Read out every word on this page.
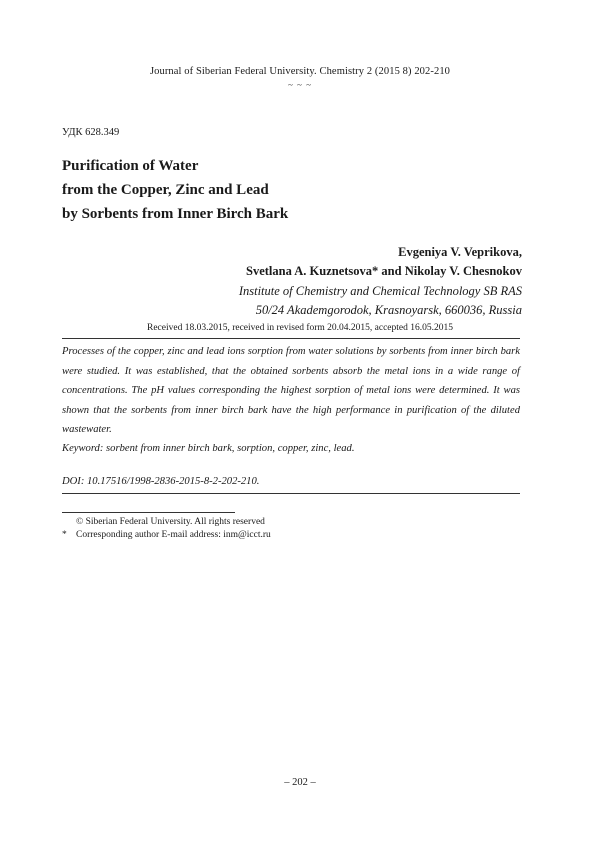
Journal of Siberian Federal University. Chemistry 2 (2015 8) 202-210
~ ~ ~
УДК 628.349
Purification of Water
from the Copper, Zinc and Lead
by Sorbents from Inner Birch Bark
Evgeniya V. Veprikova,
Svetlana A. Kuznetsova* and Nikolay V. Chesnokov
Institute of Chemistry and Chemical Technology SB RAS
50/24 Akademgorodok, Krasnoyarsk, 660036, Russia
Received 18.03.2015, received in revised form 20.04.2015, accepted 16.05.2015
Processes of the copper, zinc and lead ions sorption from water solutions by sorbents from inner birch bark were studied. It was established, that the obtained sorbents absorb the metal ions in a wide range of concentrations. The pH values corresponding the highest sorption of metal ions were determined. It was shown that the sorbents from inner birch bark have the high performance in purification of the diluted wastewater.
Keyword: sorbent from inner birch bark, sorption, copper, zinc, lead.
DOI: 10.17516/1998-2836-2015-8-2-202-210.
© Siberian Federal University. All rights reserved
* Corresponding author E-mail address: inm@icct.ru
– 202 –
